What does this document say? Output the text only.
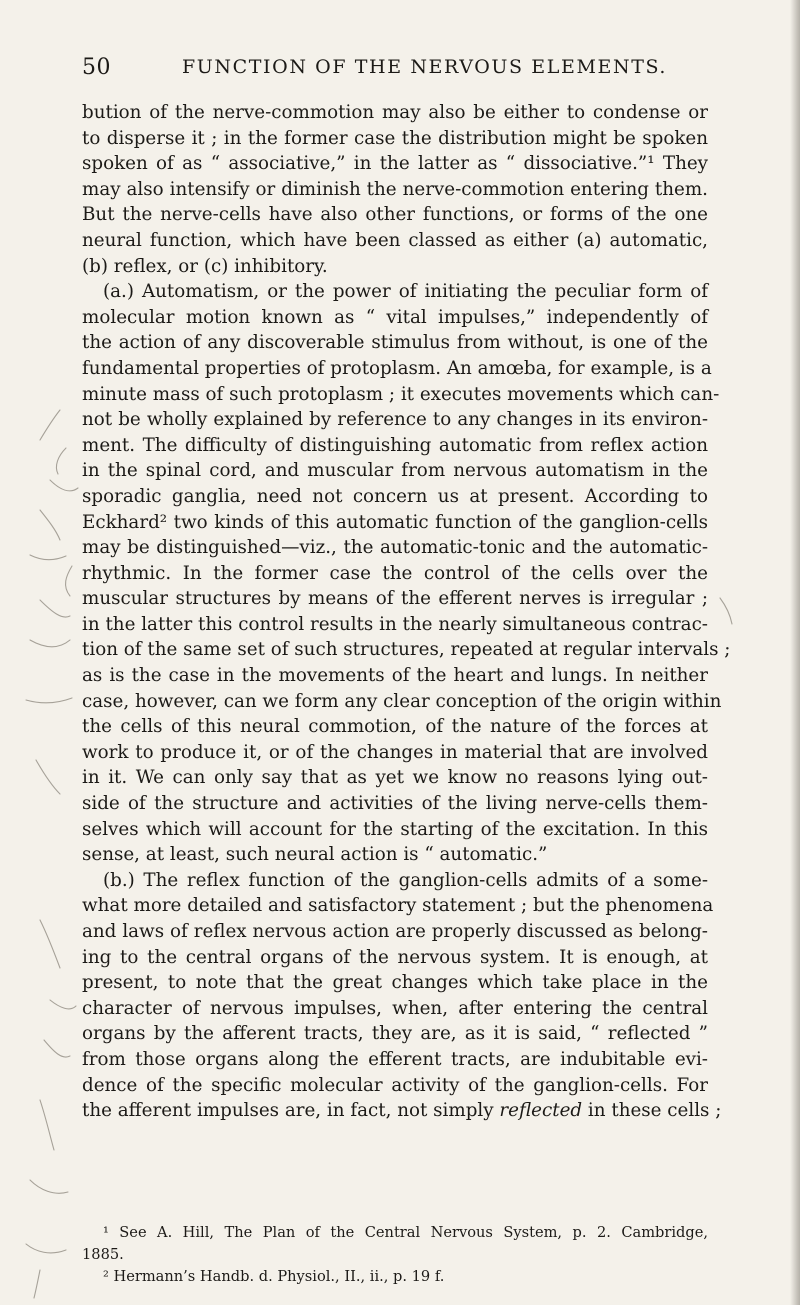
50	FUNCTION OF THE NERVOUS ELEMENTS.
bution of the nerve-commotion may also be either to condense or
to disperse it ; in the former case the distribution might be spoken
spoken of as “ associative,” in the latter as “ dissociative.”¹ They
may also intensify or diminish the nerve-commotion entering them.
But the nerve-cells have also other functions, or forms of the one
neural function, which have been classed as either (a) automatic,
(b) reflex, or (c) inhibitory.
(a.) Automatism, or the power of initiating the peculiar form of
molecular motion known as “ vital impulses,” independently of
the action of any discoverable stimulus from without, is one of the
fundamental properties of protoplasm. An amœba, for example, is a
minute mass of such protoplasm ; it executes movements which can-
not be wholly explained by reference to any changes in its environ-
ment. The difficulty of distinguishing automatic from reflex action
in the spinal cord, and muscular from nervous automatism in the
sporadic ganglia, need not concern us at present. According to
Eckhard² two kinds of this automatic function of the ganglion-cells
may be distinguished—viz., the automatic-tonic and the automatic-
rhythmic. In the former case the control of the cells over the
muscular structures by means of the efferent nerves is irregular ;
in the latter this control results in the nearly simultaneous contrac-
tion of the same set of such structures, repeated at regular intervals ;
as is the case in the movements of the heart and lungs. In neither
case, however, can we form any clear conception of the origin within
the cells of this neural commotion, of the nature of the forces at
work to produce it, or of the changes in material that are involved
in it. We can only say that as yet we know no reasons lying out-
side of the structure and activities of the living nerve-cells them-
selves which will account for the starting of the excitation. In this
sense, at least, such neural action is “ automatic.”
(b.) The reflex function of the ganglion-cells admits of a some-
what more detailed and satisfactory statement ; but the phenomena
and laws of reflex nervous action are properly discussed as belong-
ing to the central organs of the nervous system. It is enough, at
present, to note that the great changes which take place in the
character of nervous impulses, when, after entering the central
organs by the afferent tracts, they are, as it is said, “ reflected ”
from those organs along the efferent tracts, are indubitable evi-
dence of the specific molecular activity of the ganglion-cells. For
the afferent impulses are, in fact, not simply reflected in these cells ;
¹ See A. Hill, The Plan of the Central Nervous System, p. 2. Cambridge,
1885.
² Hermann’s Handb. d. Physiol., II., ii., p. 19 f.
